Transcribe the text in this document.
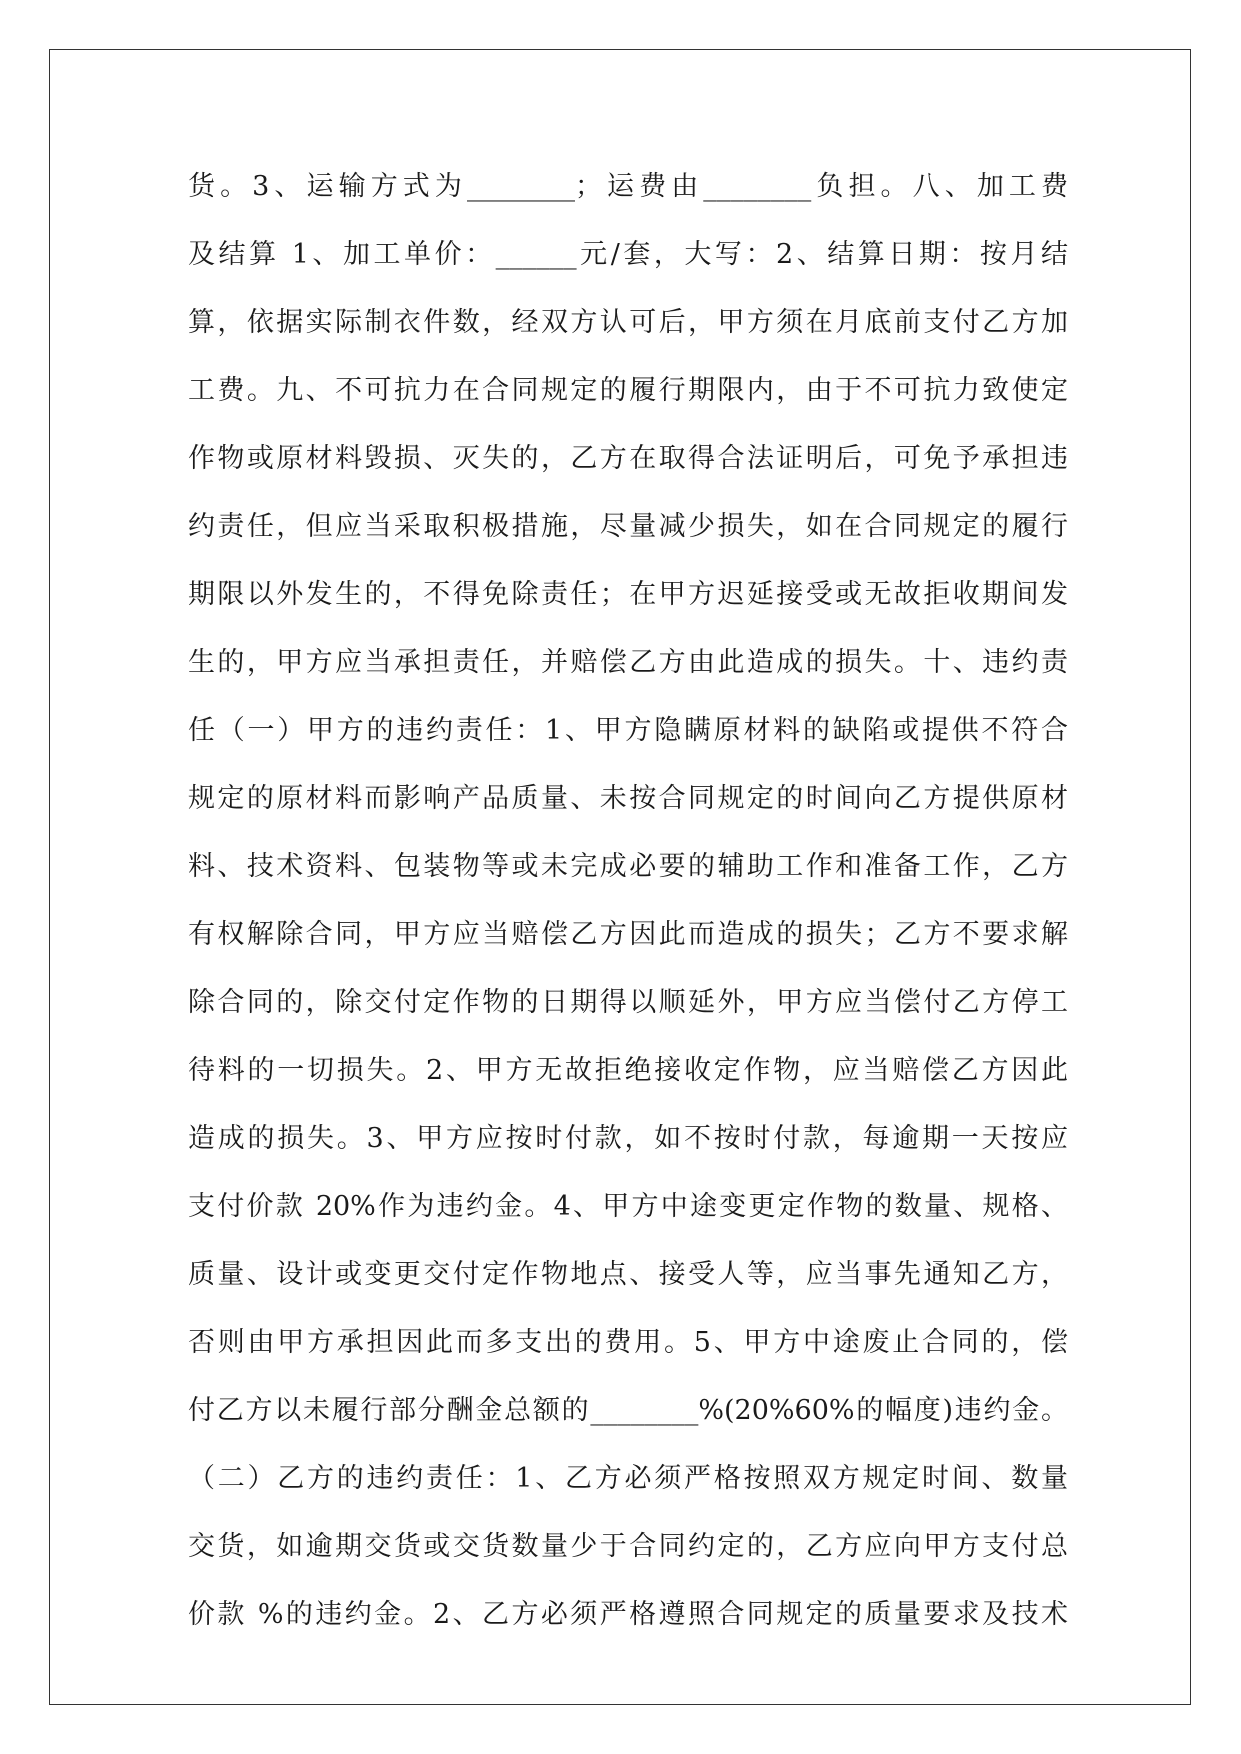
货。3、运输方式为________；运费由________负担。八、加工费
及结算 1、加工单价：______元/套，大写：2、结算日期：按月结
算，依据实际制衣件数，经双方认可后，甲方须在月底前支付乙方加
工费。九、不可抗力在合同规定的履行期限内，由于不可抗力致使定
作物或原材料毁损、灭失的，乙方在取得合法证明后，可免予承担违
约责任，但应当采取积极措施，尽量减少损失，如在合同规定的履行
期限以外发生的，不得免除责任；在甲方迟延接受或无故拒收期间发
生的，甲方应当承担责任，并赔偿乙方由此造成的损失。十、违约责
任（一）甲方的违约责任：1、甲方隐瞒原材料的缺陷或提供不符合
规定的原材料而影响产品质量、未按合同规定的时间向乙方提供原材
料、技术资料、包装物等或未完成必要的辅助工作和准备工作，乙方
有权解除合同，甲方应当赔偿乙方因此而造成的损失；乙方不要求解
除合同的，除交付定作物的日期得以顺延外，甲方应当偿付乙方停工
待料的一切损失。2、甲方无故拒绝接收定作物，应当赔偿乙方因此
造成的损失。3、甲方应按时付款，如不按时付款，每逾期一天按应
支付价款 20%作为违约金。4、甲方中途变更定作物的数量、规格、
质量、设计或变更交付定作物地点、接受人等，应当事先通知乙方，
否则由甲方承担因此而多支出的费用。5、甲方中途废止合同的，偿
付乙方以未履行部分酬金总额的________%(20%60%的幅度)违约金。
（二）乙方的违约责任：1、乙方必须严格按照双方规定时间、数量
交货，如逾期交货或交货数量少于合同约定的，乙方应向甲方支付总
价款 %的违约金。2、乙方必须严格遵照合同规定的质量要求及技术
